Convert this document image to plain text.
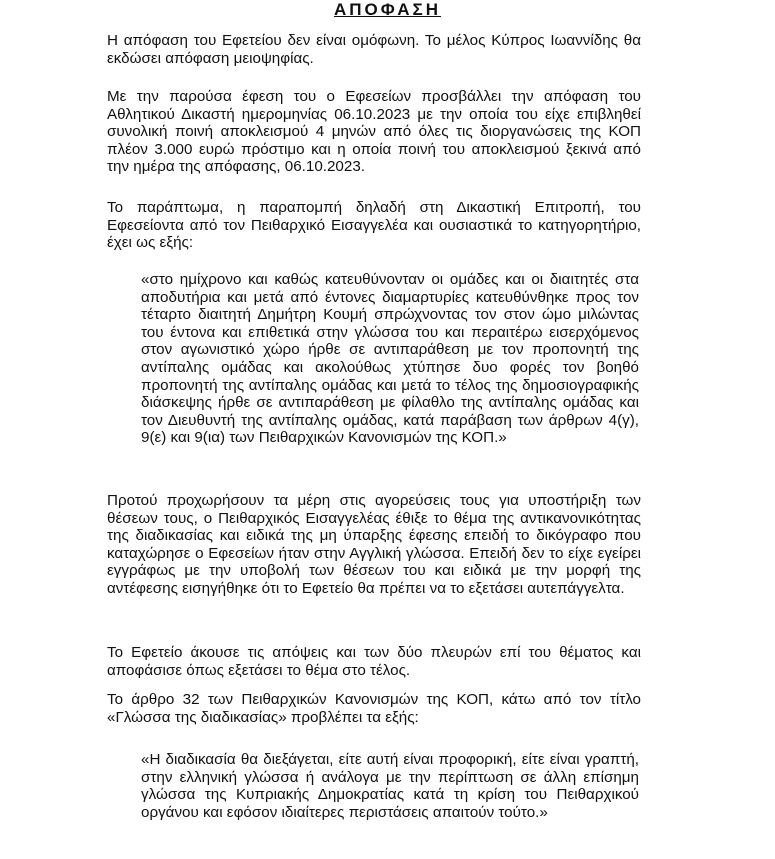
ΑΠΟΦΑΣΗ

Η απόφαση του Εφετείου δεν είναι ομόφωνη. Το μέλος Κύπρος Ιωαννίδης θα εκδώσει απόφαση μειοψηφίας.

Με την παρούσα έφεση του ο Εφεσείων προσβάλλει την απόφαση του Αθλητικού Δικαστή ημερομηνίας 06.10.2023 με την οποία του είχε επιβληθεί συνολική ποινή αποκλεισμού 4 μηνών από όλες τις διοργανώσεις της ΚΟΠ πλέον 3.000 ευρώ πρόστιμο και η οποία ποινή του αποκλεισμού ξεκινά από την ημέρα της απόφασης, 06.10.2023.

Το παράπτωμα, η παραπομπή δηλαδή στη Δικαστική Επιτροπή, του Εφεσείοντα από τον Πειθαρχικό Εισαγγελέα και ουσιαστικά το κατηγορητήριο, έχει ως εξής:

«στο ημίχρονο και καθώς κατευθύνονταν οι ομάδες και οι διαιτητές στα αποδυτήρια και μετά από έντονες διαμαρτυρίες κατευθύνθηκε προς τον τέταρτο διαιτητή Δημήτρη Κουμή σπρώχνοντας τον στον ώμο μιλώντας του έντονα και επιθετικά στην γλώσσα του και περαιτέρω εισερχόμενος στον αγωνιστικό χώρο ήρθε σε αντιπαράθεση με τον προπονητή της αντίπαλης ομάδας και ακολούθως χτύπησε δυο φορές τον βοηθό προπονητή της αντίπαλης ομάδας και μετά το τέλος της δημοσιογραφικής διάσκεψης ήρθε σε αντιπαράθεση με φίλαθλο της αντίπαλης ομάδας και τον Διευθυντή της αντίπαλης ομάδας, κατά παράβαση των άρθρων 4(γ), 9(ε) και 9(ια) των Πειθαρχικών Κανονισμών της ΚΟΠ.»

Προτού προχωρήσουν τα μέρη στις αγορεύσεις τους για υποστήριξη των θέσεων τους, ο Πειθαρχικός Εισαγγελέας έθιξε το θέμα της αντικανονικότητας της διαδικασίας και ειδικά της μη ύπαρξης έφεσης επειδή το δικόγραφο που καταχώρησε ο Εφεσείων ήταν στην Αγγλική γλώσσα. Επειδή δεν το είχε εγείρει εγγράφως με την υποβολή των θέσεων του και ειδικά με την μορφή της αντέφεσης εισηγήθηκε ότι το Εφετείο θα πρέπει να το εξετάσει αυτεπάγγελτα.

Το Εφετείο άκουσε τις απόψεις και των δύο πλευρών επί του θέματος και αποφάσισε όπως εξετάσει το θέμα στο τέλος.

Το άρθρο 32 των Πειθαρχικών Κανονισμών της ΚΟΠ, κάτω από τον τίτλο «Γλώσσα της διαδικασίας» προβλέπει τα εξής:

«Η διαδικασία θα διεξάγεται, είτε αυτή είναι προφορική, είτε είναι γραπτή, στην ελληνική γλώσσα ή ανάλογα με την περίπτωση σε άλλη επίσημη γλώσσα της Κυπριακής Δημοκρατίας κατά τη κρίση του Πειθαρχικού οργάνου και εφόσον ιδιαίτερες περιστάσεις απαιτούν τούτο.»
